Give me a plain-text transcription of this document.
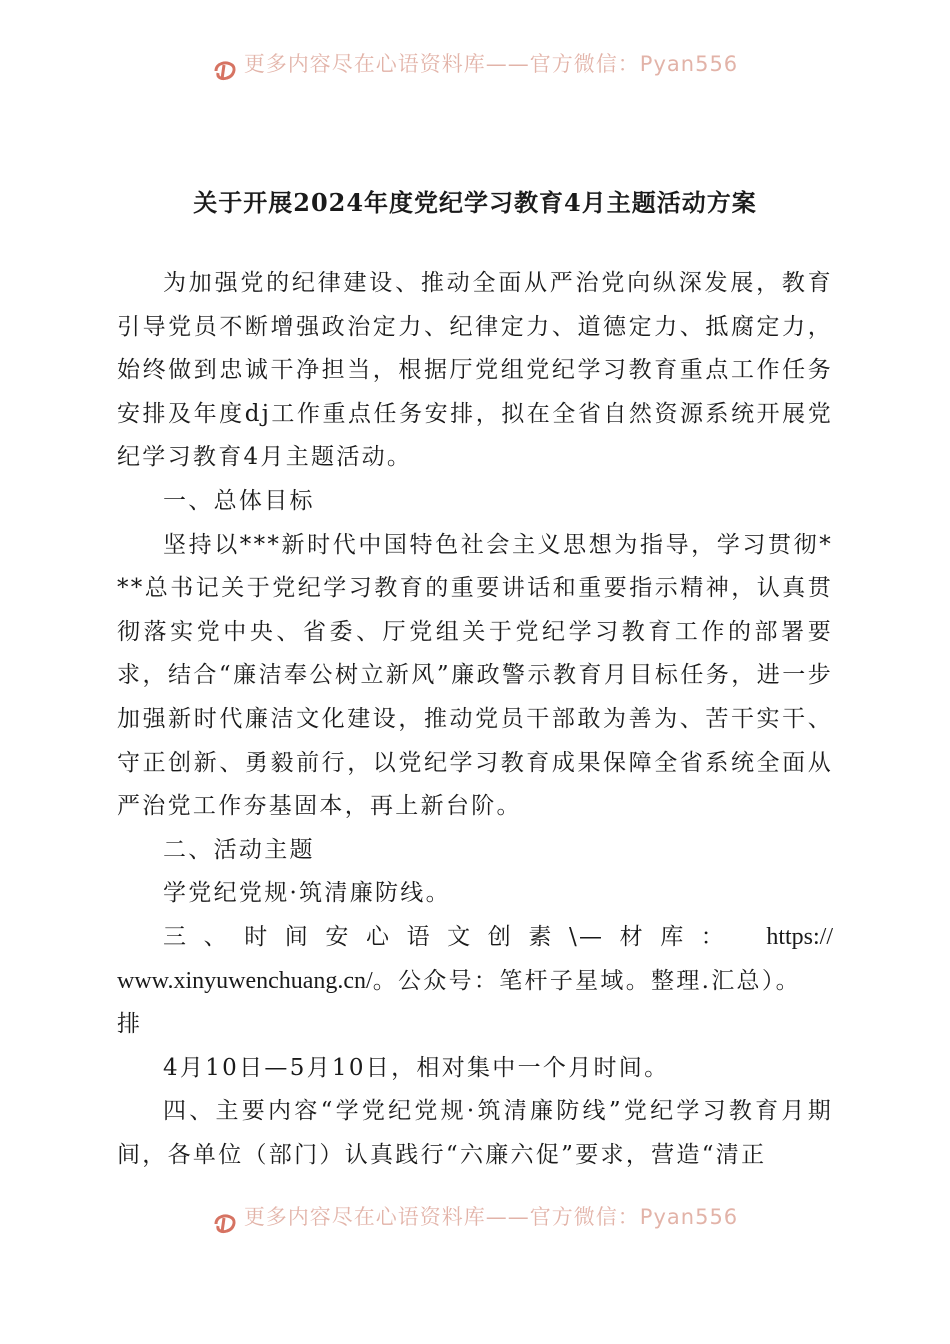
更多内容尽在心语资料库——官方微信：Pyan556
关于开展2024年度党纪学习教育4月主题活动方案

为加强党的纪律建设、推动全面从严治党向纵深发展，教育引导党员不断增强政治定力、纪律定力、道德定力、抵腐定力，始终做到忠诚干净担当，根据厅党组党纪学习教育重点工作任务安排及年度dj工作重点任务安排，拟在全省自然资源系统开展党纪学习教育4月主题活动。

一、总体目标

坚持以***新时代中国特色社会主义思想为指导，学习贯彻***总书记关于党纪学习教育的重要讲话和重要指示精神，认真贯彻落实党中央、省委、厅党组关于党纪学习教育工作的部署要求，结合“廉洁奉公树立新风”廉政警示教育月目标任务，进一步加强新时代廉洁文化建设，推动党员干部敢为善为、苦干实干、守正创新、勇毅前行，以党纪学习教育成果保障全省系统全面从严治党工作夯基固本，再上新台阶。

二、活动主题

学党纪党规·筑清廉防线。

三、时间安心语文创素\—材库： https://

www.xinyuwenchuang.cn/。公众号：笔杆子星域。整理.汇总）。

排

4月10日—5月10日，相对集中一个月时间。

四、主要内容“学党纪党规·筑清廉防线”党纪学习教育月期间，各单位（部门）认真践行“六廉六促”要求，营造“清正

更多内容尽在心语资料库——官方微信：Pyan556
